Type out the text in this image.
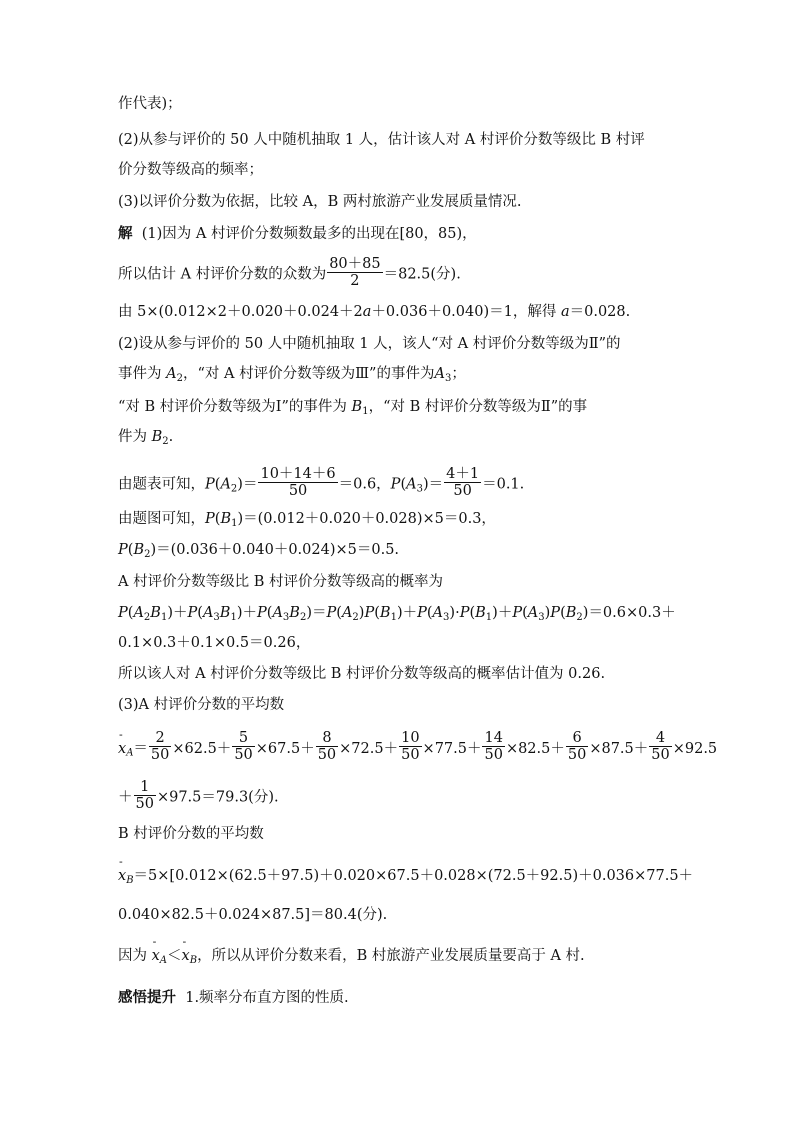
作代表)；
(2)从参与评价的 50 人中随机抽取 1 人，估计该人对 A 村评价分数等级比 B 村评
价分数等级高的频率；
(3)以评价分数为依据，比较 A，B 两村旅游产业发展质量情况.
解 (1)因为 A 村评价分数频数最多的出现在[80，85)，
所以估计 A 村评价分数的众数为 $\frac{80+85}{2} =82.5$(分).
由 5×(0.012×2＋0.020＋0.024＋2a＋0.036＋0.040)＝1，解得 a＝0.028.
(2)设从参与评价的 50 人中随机抽取 1 人，该人“对 A 村评价分数等级为Ⅱ”的
事件为 $A_2$，“对 A 村评价分数等级为Ⅲ”的事件为$A_3$；
“对 B 村评价分数等级为Ⅰ”的事件为 $B_1$，“对 B 村评价分数等级为Ⅱ”的事
件为 $B_2$.
由题表可知，$P(A_2)= \frac{10+14+6}{50} =0.6$，$P(A_3)= \frac{4+1}{50} =0.1$.
由题图可知，$P(B_1)=(0.012+0.020+0.028)\times 5=0.3$，
$P(B_2)=(0.036+0.040+0.024)\times 5=0.5$.
A 村评价分数等级比 B 村评价分数等级高的概率为
$P(A_2B_1)+P(A_3B_1)+P(A_3B_2)=P(A_2)P(B_1)+P(A_3)\cdot P(B_1)+P(A_3)P(B_2)=0.6\times 0.3+$
0.1×0.3＋0.1×0.5＝0.26，
所以该人对 A 村评价分数等级比 B 村评价分数等级高的概率估计值为 0.26.
(3)A 村评价分数的平均数
-
$x_A= \frac{2}{50} \times 62.5+ \frac{5}{50} \times 67.5+ \frac{8}{50} \times 72.5+ \frac{10}{50} \times 77.5+ \frac{14}{50} \times 82.5+ \frac{6}{50} \times 87.5+ \frac{4}{50} \times 92.5$
＋ $\frac{1}{50} \times 97.5=79.3$(分).
B 村评价分数的平均数
-
$x_B=5\times[0.012\times(62.5+97.5)+0.020\times 67.5+0.028\times(72.5+92.5)+0.036\times 77.5+$
0.040×82.5＋0.024×87.5]＝80.4(分).
因为
-
$x_A<$
-
$x_B$，所以从评价分数来看，B 村旅游产业发展质量要高于 A 村.
感悟提升 1.频率分布直方图的性质.
